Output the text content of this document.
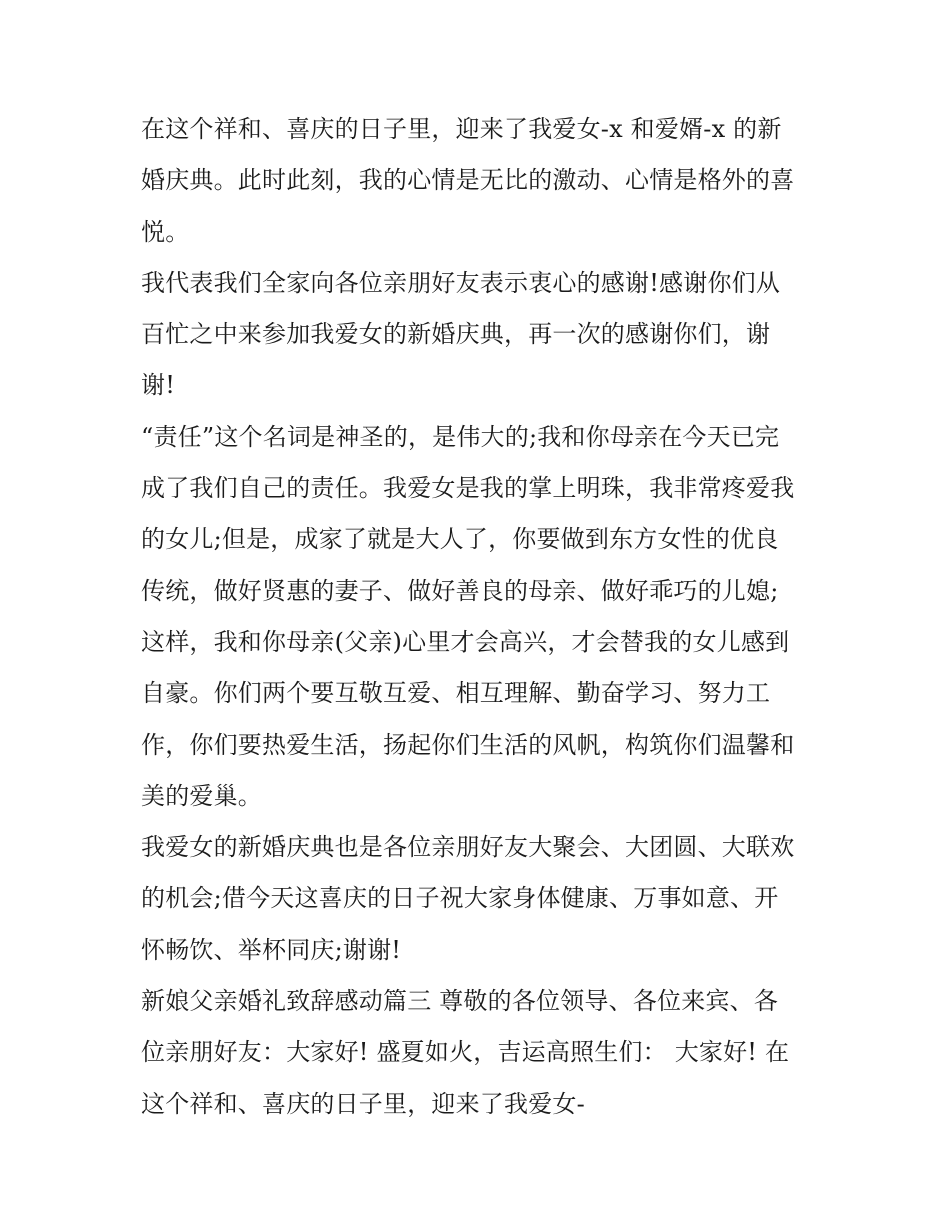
在这个祥和、喜庆的日子里，迎来了我爱女-x 和爱婿-x 的新
婚庆典。此时此刻，我的心情是无比的激动、心情是格外的喜
悦。
我代表我们全家向各位亲朋好友表示衷心的感谢!感谢你们从
百忙之中来参加我爱女的新婚庆典，再一次的感谢你们，谢
谢!
“责任”这个名词是神圣的，是伟大的;我和你母亲在今天已完
成了我们自己的责任。我爱女是我的掌上明珠，我非常疼爱我
的女儿;但是，成家了就是大人了，你要做到东方女性的优良
传统，做好贤惠的妻子、做好善良的母亲、做好乖巧的儿媳;
这样，我和你母亲(父亲)心里才会高兴，才会替我的女儿感到
自豪。你们两个要互敬互爱、相互理解、勤奋学习、努力工
作，你们要热爱生活，扬起你们生活的风帆，构筑你们温馨和
美的爱巢。
我爱女的新婚庆典也是各位亲朋好友大聚会、大团圆、大联欢
的机会;借今天这喜庆的日子祝大家身体健康、万事如意、开
怀畅饮、举杯同庆;谢谢!
新娘父亲婚礼致辞感动篇三 尊敬的各位领导、各位来宾、各
位亲朋好友：大家好! 盛夏如火，吉运高照生们： 大家好! 在
这个祥和、喜庆的日子里，迎来了我爱女-
